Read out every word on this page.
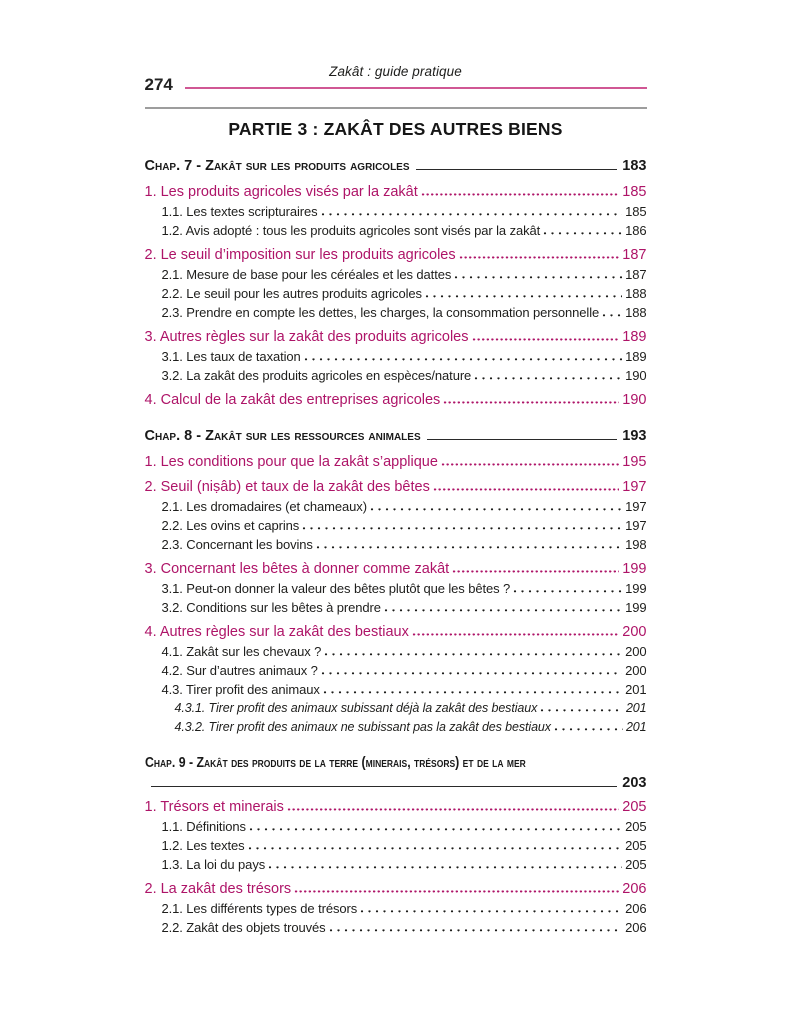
Zakât : guide pratique
274
PARTIE 3 : ZAKÂT DES AUTRES BIENS
Chap. 7 - Zakât sur les produits agricoles	183
1. Les produits agricoles visés par la zakât	185
1.1. Les textes scripturaires	185
1.2. Avis adopté : tous les produits agricoles sont visés par la zakât	186
2. Le seuil d’imposition sur les produits agricoles	187
2.1. Mesure de base pour les céréales et les dattes	187
2.2. Le seuil pour les autres produits agricoles	188
2.3. Prendre en compte les dettes, les charges, la consommation personnelle 188
3. Autres règles sur la zakât des produits agricoles	189
3.1. Les taux de taxation	189
3.2. La zakât des produits agricoles en espèces/nature	190
4. Calcul de la zakât des entreprises agricoles	190
Chap. 8 - Zakât sur les ressources animales	193
1. Les conditions pour que la zakât s’applique	195
2. Seuil (niṣâb) et taux de la zakât des bêtes	197
2.1. Les dromadaires (et chameaux)	197
2.2. Les ovins et caprins	197
2.3. Concernant les bovins	198
3. Concernant les bêtes à donner comme zakât	199
3.1. Peut-on donner la valeur des bêtes plutôt que les bêtes ?	199
3.2. Conditions sur les bêtes à prendre	199
4. Autres règles sur la zakât des bestiaux	200
4.1. Zakât sur les chevaux ?	200
4.2. Sur d’autres animaux ?	200
4.3. Tirer profit des animaux	201
4.3.1. Tirer profit des animaux subissant déjà la zakât des bestiaux	201
4.3.2. Tirer profit des animaux ne subissant pas la zakât des bestiaux	201
Chap. 9 - Zakât des produits de la terre (minerais, trésors) et de la mer
203
1. Trésors et minerais	205
1.1. Définitions	205
1.2. Les textes	205
1.3. La loi du pays	205
2. La zakât des trésors	206
2.1. Les différents types de trésors	206
2.2. Zakât des objets trouvés	206
